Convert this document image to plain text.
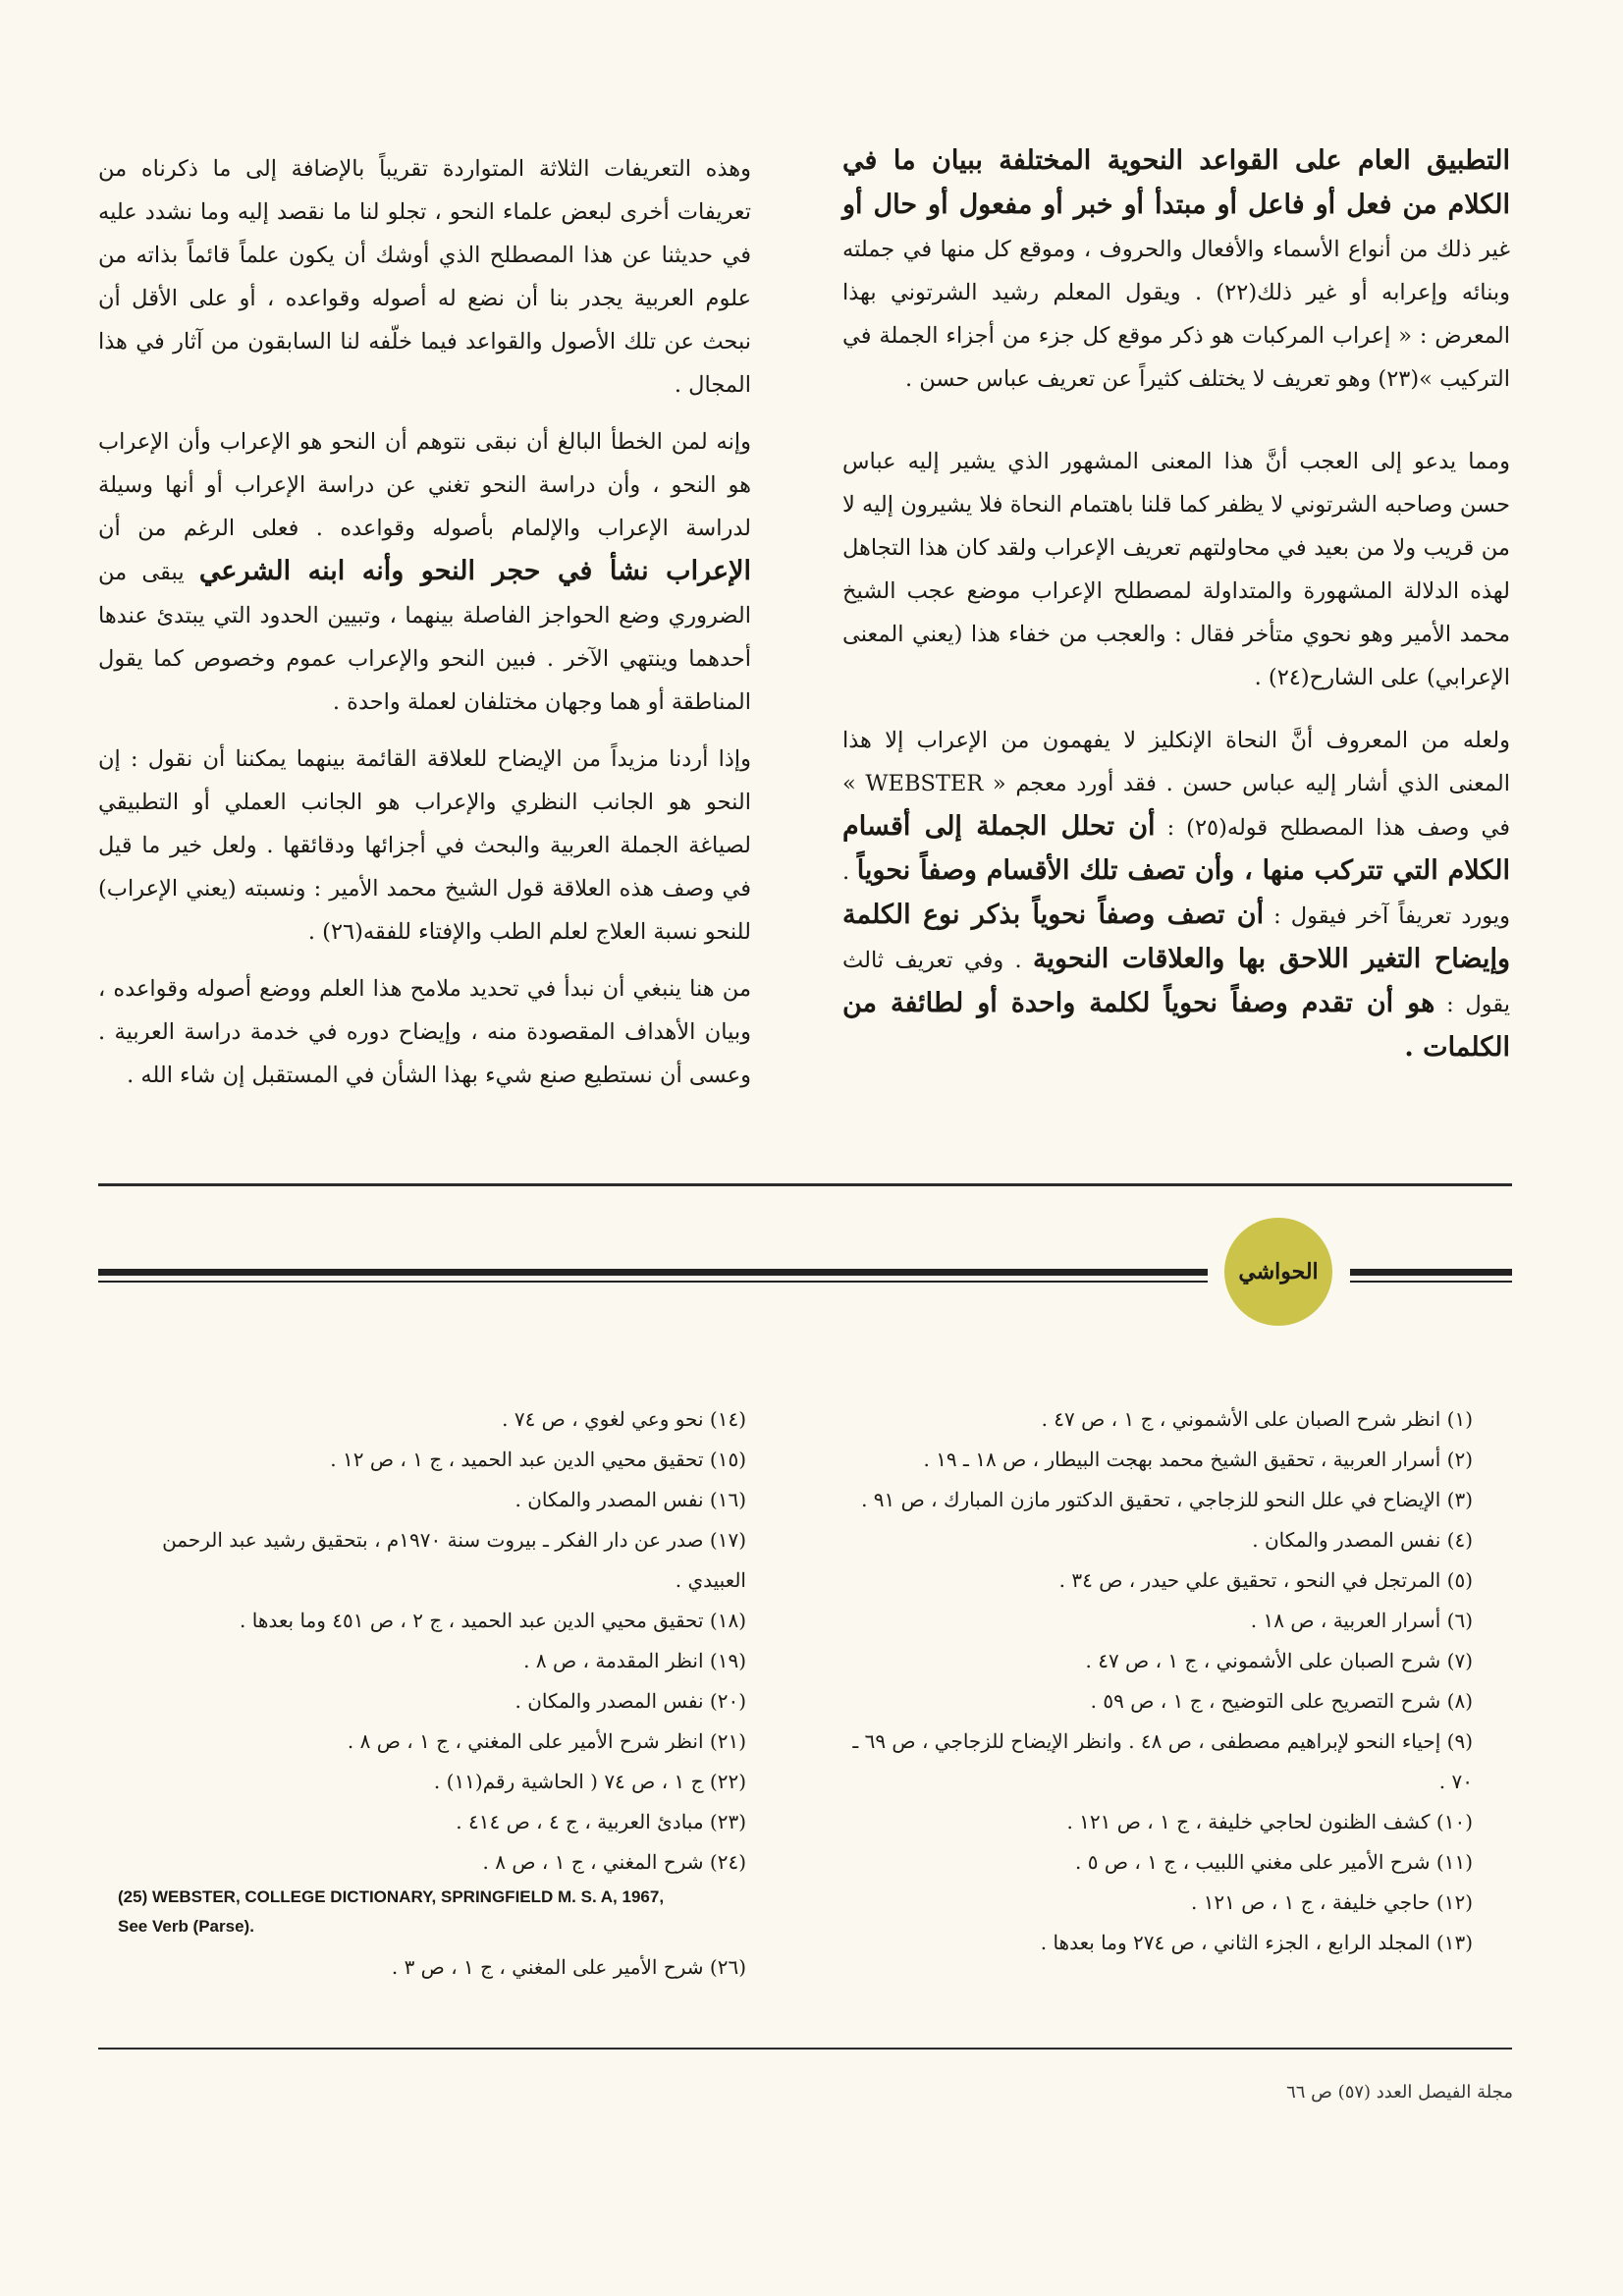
التطبيق العام على القواعد النحوية المختلفة ببيان ما في الكلام من فعل أو فاعل أو مبتدأ أو خبر أو مفعول أو حال أو غير ذلك من أنواع الأسماء والأفعال والحروف ، وموقع كل منها في جملته وبنائه وإعرابه أو غير ذلك(٢٢) . ويقول المعلم رشيد الشرتوني بهذا المعرض : « إعراب المركبات هو ذكر موقع كل جزء من أجزاء الجملة في التركيب »(٢٣) وهو تعريف لا يختلف كثيراً عن تعريف عباس حسن .

ومما يدعو إلى العجب أنَّ هذا المعنى المشهور الذي يشير إليه عباس حسن وصاحبه الشرتوني لا يظفر كما قلنا باهتمام النحاة فلا يشيرون إليه لا من قريب ولا من بعيد في محاولتهم تعريف الإعراب ولقد كان هذا التجاهل لهذه الدلالة المشهورة والمتداولة لمصطلح الإعراب موضع عجب الشيخ محمد الأمير وهو نحوي متأخر فقال : والعجب من خفاء هذا (يعني المعنى الإعرابي) على الشارح(٢٤) .

ولعله من المعروف أنَّ النحاة الإنكليز لا يفهمون من الإعراب إلا هذا المعنى الذي أشار إليه عباس حسن . فقد أورد معجم « WEBSTER » في وصف هذا المصطلح قوله(٢٥) : أن تحلل الجملة إلى أقسام الكلام التي تتركب منها ، وأن تصف تلك الأقسام وصفاً نحوياً . ويورد تعريفاً آخر فيقول : أن تصف وصفاً نحوياً بذكر نوع الكلمة وإيضاح التغير اللاحق بها والعلاقات النحوية . وفي تعريف ثالث يقول : هو أن تقدم وصفاً نحوياً لكلمة واحدة أو لطائفة من الكلمات .

وهذه التعريفات الثلاثة المتواردة تقريباً بالإضافة إلى ما ذكرناه من تعريفات أخرى لبعض علماء النحو ، تجلو لنا ما نقصد إليه وما نشدد عليه في حديثنا عن هذا المصطلح الذي أوشك أن يكون علماً قائماً بذاته من علوم العربية يجدر بنا أن نضع له أصوله وقواعده ، أو على الأقل أن نبحث عن تلك الأصول والقواعد فيما خلّفه لنا السابقون من آثار في هذا المجال .

وإنه لمن الخطأ البالغ أن نبقى نتوهم أن النحو هو الإعراب وأن الإعراب هو النحو ، وأن دراسة النحو تغني عن دراسة الإعراب أو أنها وسيلة لدراسة الإعراب والإلمام بأصوله وقواعده . فعلى الرغم من أن الإعراب نشأ في حجر النحو وأنه ابنه الشرعي يبقى من الضروري وضع الحواجز الفاصلة بينهما ، وتبيين الحدود التي يبتدئ عندها أحدهما وينتهي الآخر . فبين النحو والإعراب عموم وخصوص كما يقول المناطقة أو هما وجهان مختلفان لعملة واحدة .

وإذا أردنا مزيداً من الإيضاح للعلاقة القائمة بينهما يمكننا أن نقول : إن النحو هو الجانب النظري والإعراب هو الجانب العملي أو التطبيقي لصياغة الجملة العربية والبحث في أجزائها ودقائقها . ولعل خير ما قيل في وصف هذه العلاقة قول الشيخ محمد الأمير : ونسبته (يعني الإعراب) للنحو نسبة العلاج لعلم الطب والإفتاء للفقه(٢٦) .

من هنا ينبغي أن نبدأ في تحديد ملامح هذا العلم ووضع أصوله وقواعده ، وبيان الأهداف المقصودة منه ، وإيضاح دوره في خدمة دراسة العربية . وعسى أن نستطيع صنع شيء بهذا الشأن في المستقبل إن شاء الله .

الحواشي
(١) انظر شرح الصبان على الأشموني ، ج ١ ، ص ٤٧ .
(٢) أسرار العربية ، تحقيق الشيخ محمد بهجت البيطار ، ص ١٨ ـ ١٩ .
(٣) الإيضاح في علل النحو للزجاجي ، تحقيق الدكتور مازن المبارك ، ص ٩١ .
(٤) نفس المصدر والمكان .
(٥) المرتجل في النحو ، تحقيق علي حيدر ، ص ٣٤ .
(٦) أسرار العربية ، ص ١٨ .
(٧) شرح الصبان على الأشموني ، ج ١ ، ص ٤٧ .
(٨) شرح التصريح على التوضيح ، ج ١ ، ص ٥٩ .
(٩) إحياء النحو لإبراهيم مصطفى ، ص ٤٨ . وانظر الإيضاح للزجاجي ، ص ٦٩ ـ ٧٠ .
(١٠) كشف الظنون لحاجي خليفة ، ج ١ ، ص ١٢١ .
(١١) شرح الأمير على مغني اللبيب ، ج ١ ، ص ٥ .
(١٢) حاجي خليفة ، ج ١ ، ص ١٢١ .
(١٣) المجلد الرابع ، الجزء الثاني ، ص ٢٧٤ وما بعدها .
(١٤) نحو وعي لغوي ، ص ٧٤ .
(١٥) تحقيق محيي الدين عبد الحميد ، ج ١ ، ص ١٢ .
(١٦) نفس المصدر والمكان .
(١٧) صدر عن دار الفكر ـ بيروت سنة ١٩٧٠م ، بتحقيق رشيد عبد الرحمن العبيدي .
(١٨) تحقيق محيي الدين عبد الحميد ، ج ٢ ، ص ٤٥١ وما بعدها .
(١٩) انظر المقدمة ، ص ٨ .
(٢٠) نفس المصدر والمكان .
(٢١) انظر شرح الأمير على المغني ، ج ١ ، ص ٨ .
(٢٢) ج ١ ، ص ٧٤ ( الحاشية رقم(١١) .
(٢٣) مبادئ العربية ، ج ٤ ، ص ٤١٤ .
(٢٤) شرح المغني ، ج ١ ، ص ٨ .
(25) WEBSTER, COLLEGE DICTIONARY, SPRINGFIELD M. S. A, 1967,
See Verb (Parse).
(٢٦) شرح الأمير على المغني ، ج ١ ، ص ٣ .
مجلة الفيصل العدد (٥٧) ص ٦٦
